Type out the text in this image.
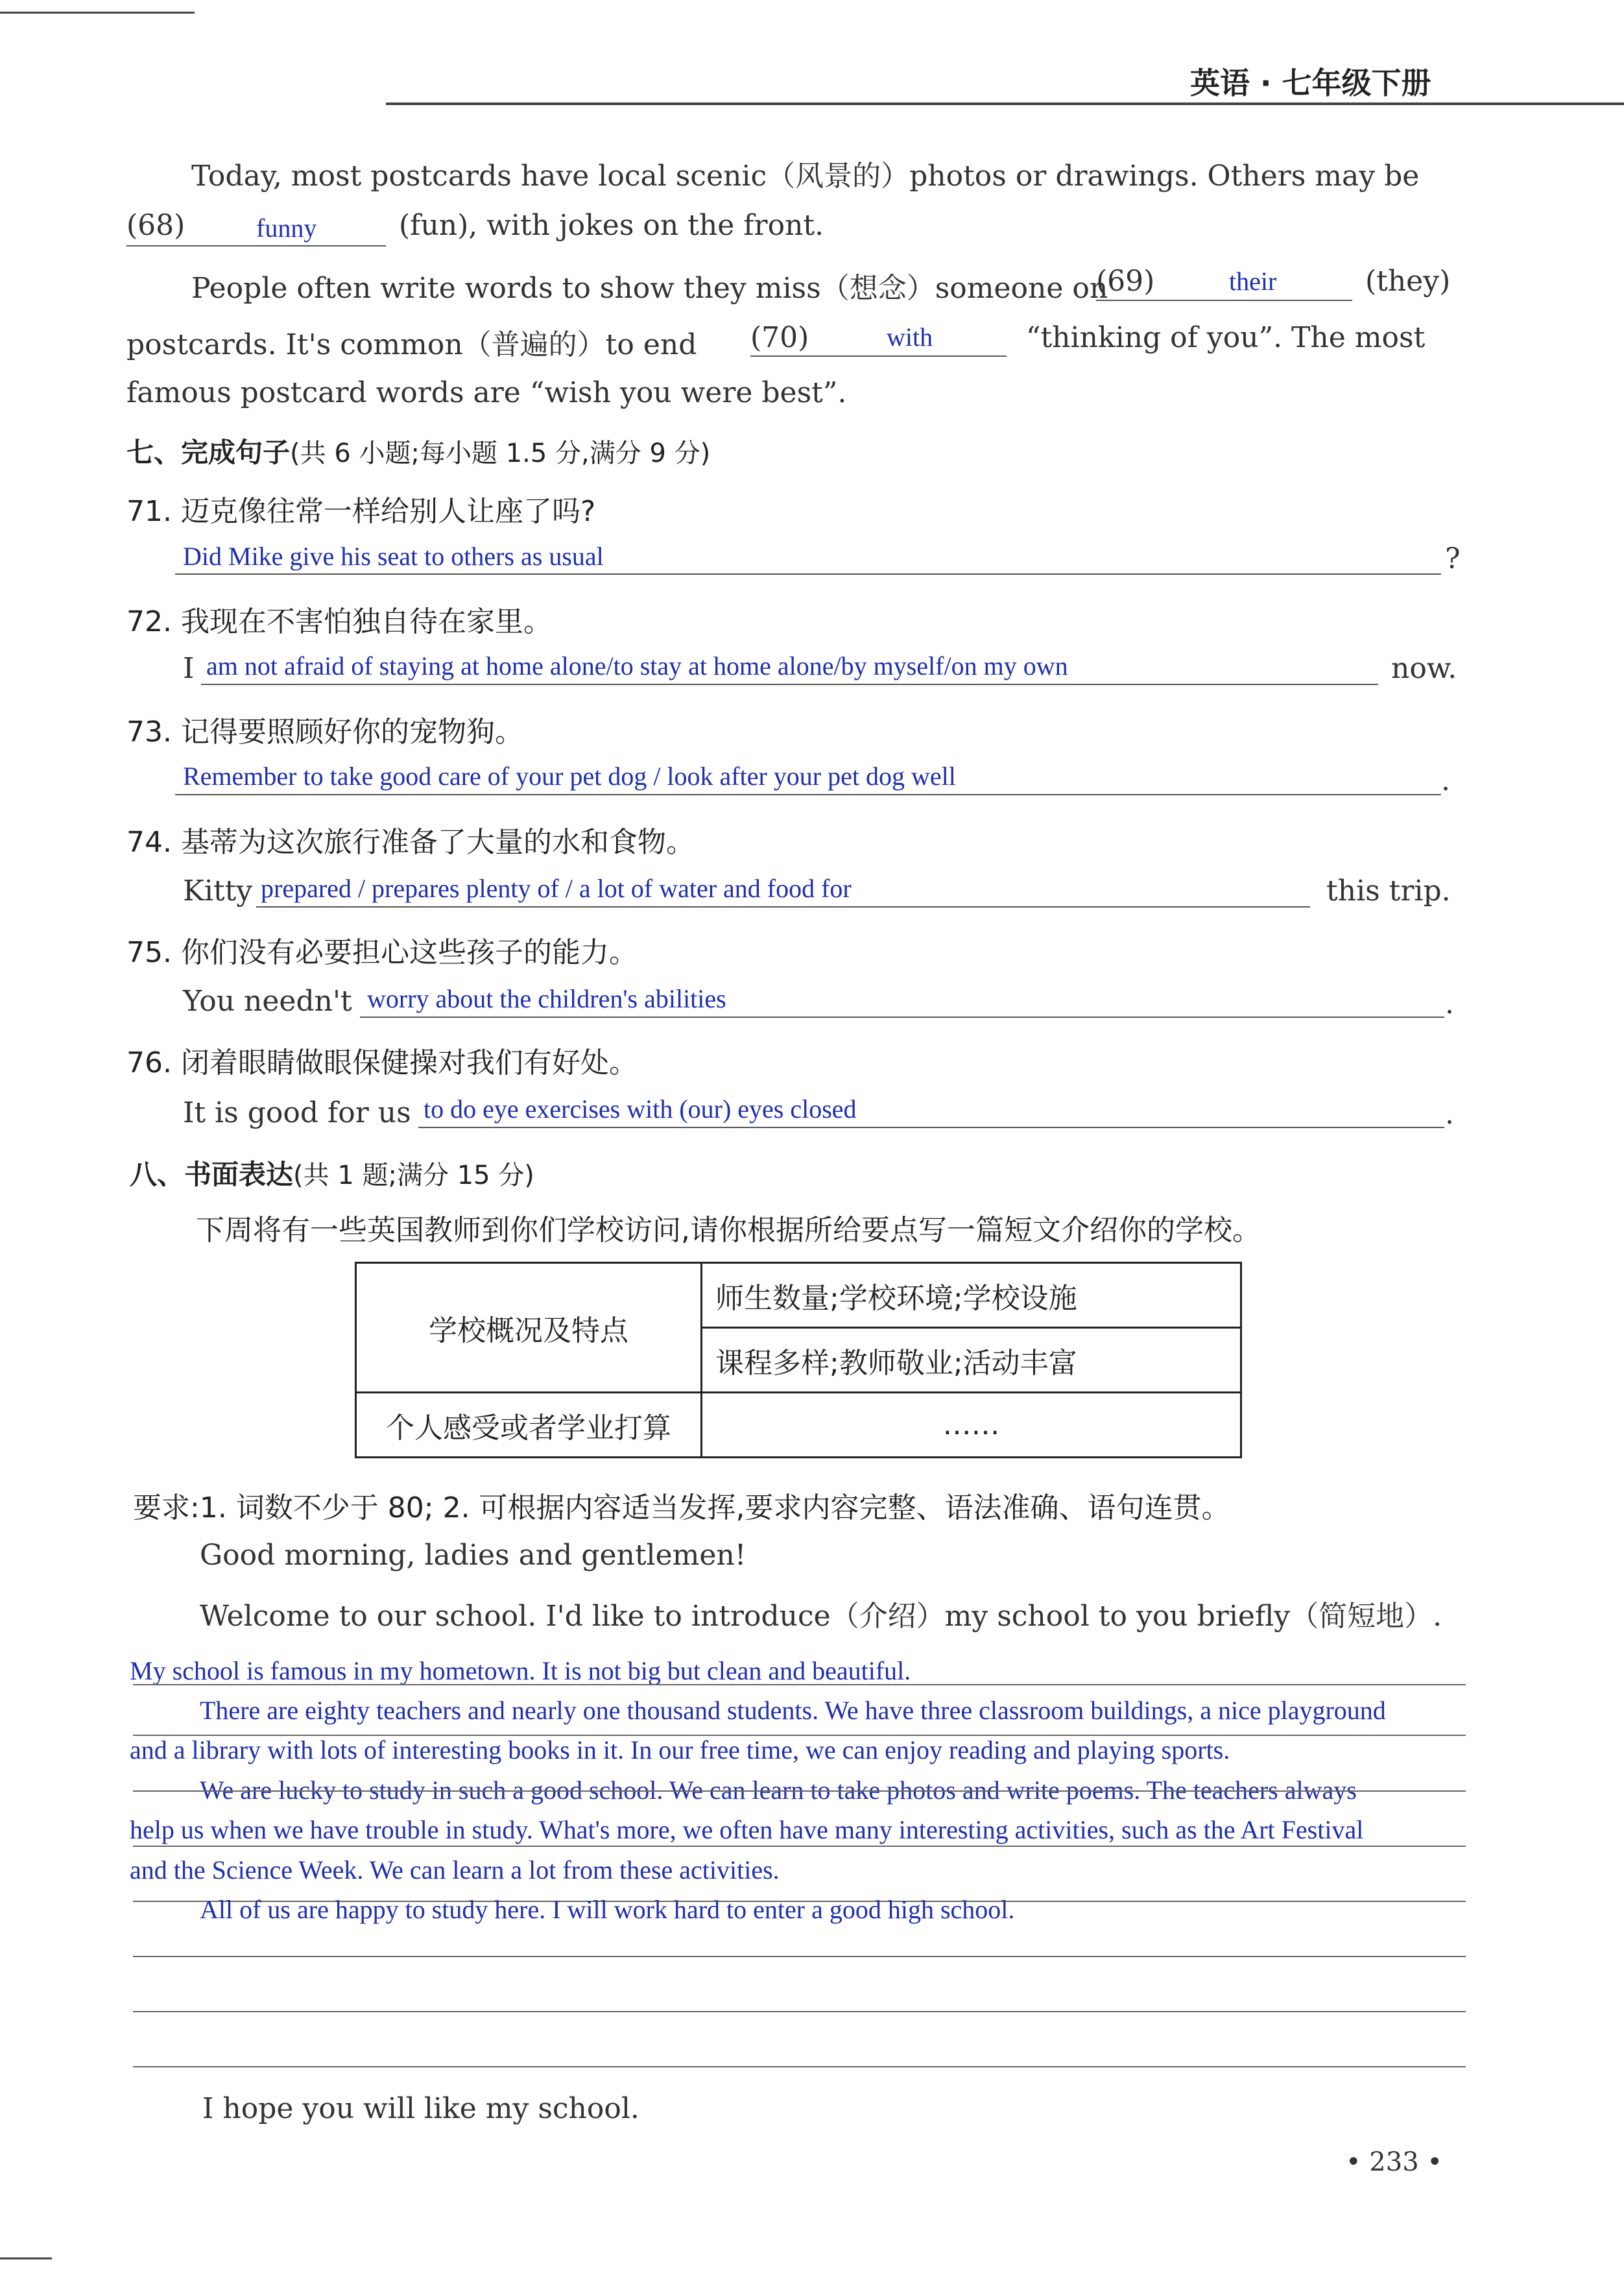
英语 · 七年级下册
Today, most postcards have local scenic（风景的）photos or drawings. Others may be
(68)	funny	(fun), with jokes on the front.
People often write words to show they miss（想念）someone on
(69)	their	(they)
postcards. It's common（普遍的）to end (70)	with	“thinking of you”. The most
famous postcard words are “wish you were best”.
七、完成句子(共 6 小题;每小题 1.5 分,满分 9 分)
71. 迈克像往常一样给别人让座了吗?
Did Mike give his seat to others as usual	?
72. 我现在不害怕独自待在家里。
I am not afraid of staying at home alone/to stay at home alone/by myself/on my own	now.
73. 记得要照顾好你的宠物狗。
Remember to take good care of your pet dog / look after your pet dog well	.
74. 基蒂为这次旅行准备了大量的水和食物。
Kitty prepared / prepares plenty of / a lot of water and food for	this trip.
75. 你们没有必要担心这些孩子的能力。
You needn't worry about the children's abilities	.
76. 闭着眼睛做眼保健操对我们有好处。
It is good for us to do eye exercises with (our) eyes closed	.
八、书面表达(共 1 题;满分 15 分)
下周将有一些英国教师到你们学校访问,请你根据所给要点写一篇短文介绍你的学校。
学校概况及特点	师生数量;学校环境;学校设施
	课程多样;教师敬业;活动丰富
个人感受或者学业打算	……
要求:1. 词数不少于 80; 2. 可根据内容适当发挥,要求内容完整、语法准确、语句连贯。
Good morning, ladies and gentlemen!
Welcome to our school. I'd like to introduce（介绍）my school to you briefly（简短地）.
My school is famous in my hometown. It is not big but clean and beautiful.
There are eighty teachers and nearly one thousand students. We have three classroom buildings, a nice playground
and a library with lots of interesting books in it. In our free time, we can enjoy reading and playing sports.
We are lucky to study in such a good school. We can learn to take photos and write poems. The teachers always
help us when we have trouble in study. What's more, we often have many interesting activities, such as the Art Festival
and the Science Week. We can learn a lot from these activities.
All of us are happy to study here. I will work hard to enter a good high school.
I hope you will like my school.
• 233 •
